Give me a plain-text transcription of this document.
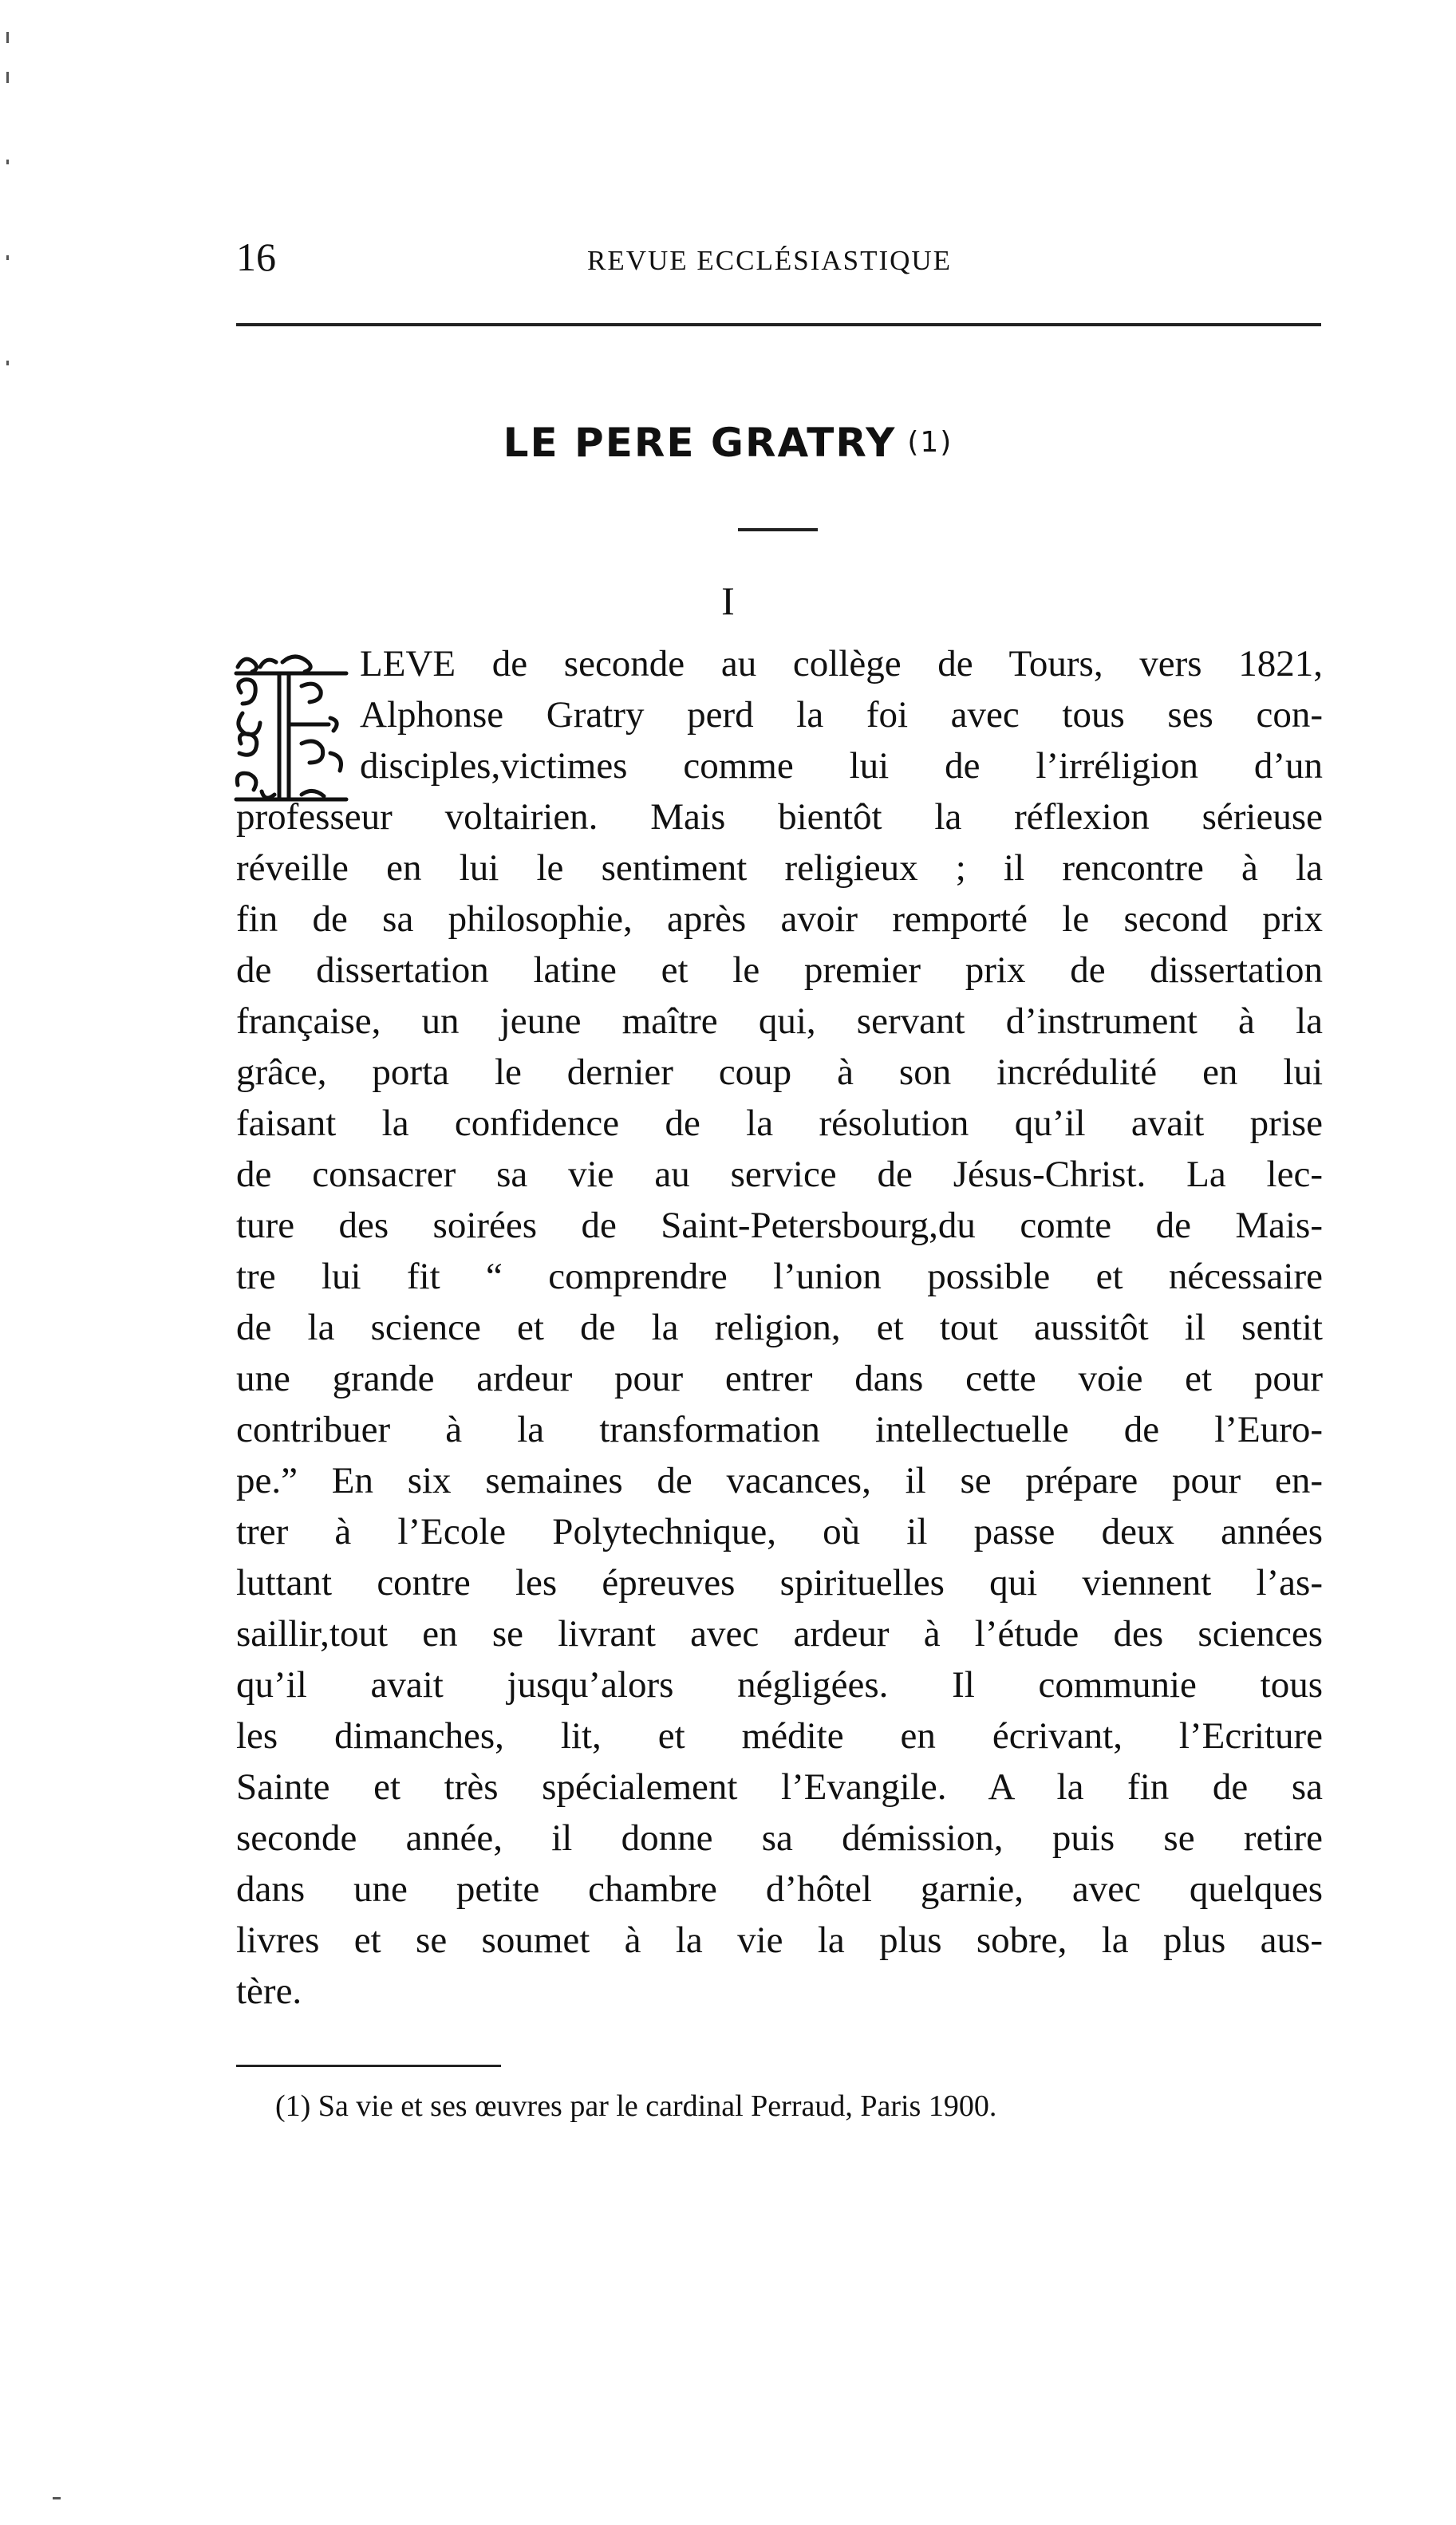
16	REVUE ECCLÉSIASTIQUE
LE PERE GRATRY (1)
I
LEVE de seconde au collège de Tours, vers 1821,
Alphonse Gratry perd la foi avec tous ses con-
disciples,victimes comme lui de l’irréligion d’un
professeur voltairien. Mais bientôt la réflexion sérieuse
réveille en lui le sentiment religieux ; il rencontre à la
fin de sa philosophie, après avoir remporté le second prix
de dissertation latine et le premier prix de dissertation
française, un jeune maître qui, servant d’instrument à la
grâce, porta le dernier coup à son incrédulité en lui
faisant la confidence de la résolution qu’il avait prise
de consacrer sa vie au service de Jésus-Christ. La lec-
ture des soirées de Saint-Petersbourg,du comte de Mais-
tre lui fit “ comprendre l’union possible et nécessaire
de la science et de la religion, et tout aussitôt il sentit
une grande ardeur pour entrer dans cette voie et pour
contribuer à la transformation intellectuelle de l’Euro-
pe.” En six semaines de vacances, il se prépare pour en-
trer à l’Ecole Polytechnique, où il passe deux années
luttant contre les épreuves spirituelles qui viennent l’as-
saillir,tout en se livrant avec ardeur à l’étude des sciences
qu’il avait jusqu’alors négligées. Il communie tous
les dimanches, lit, et médite en écrivant, l’Ecriture
Sainte et très spécialement l’Evangile. A la fin de sa
seconde année, il donne sa démission, puis se retire
dans une petite chambre d’hôtel garnie, avec quelques
livres et se soumet à la vie la plus sobre, la plus aus-
tère.
(1) Sa vie et ses œuvres par le cardinal Perraud, Paris 1900.
